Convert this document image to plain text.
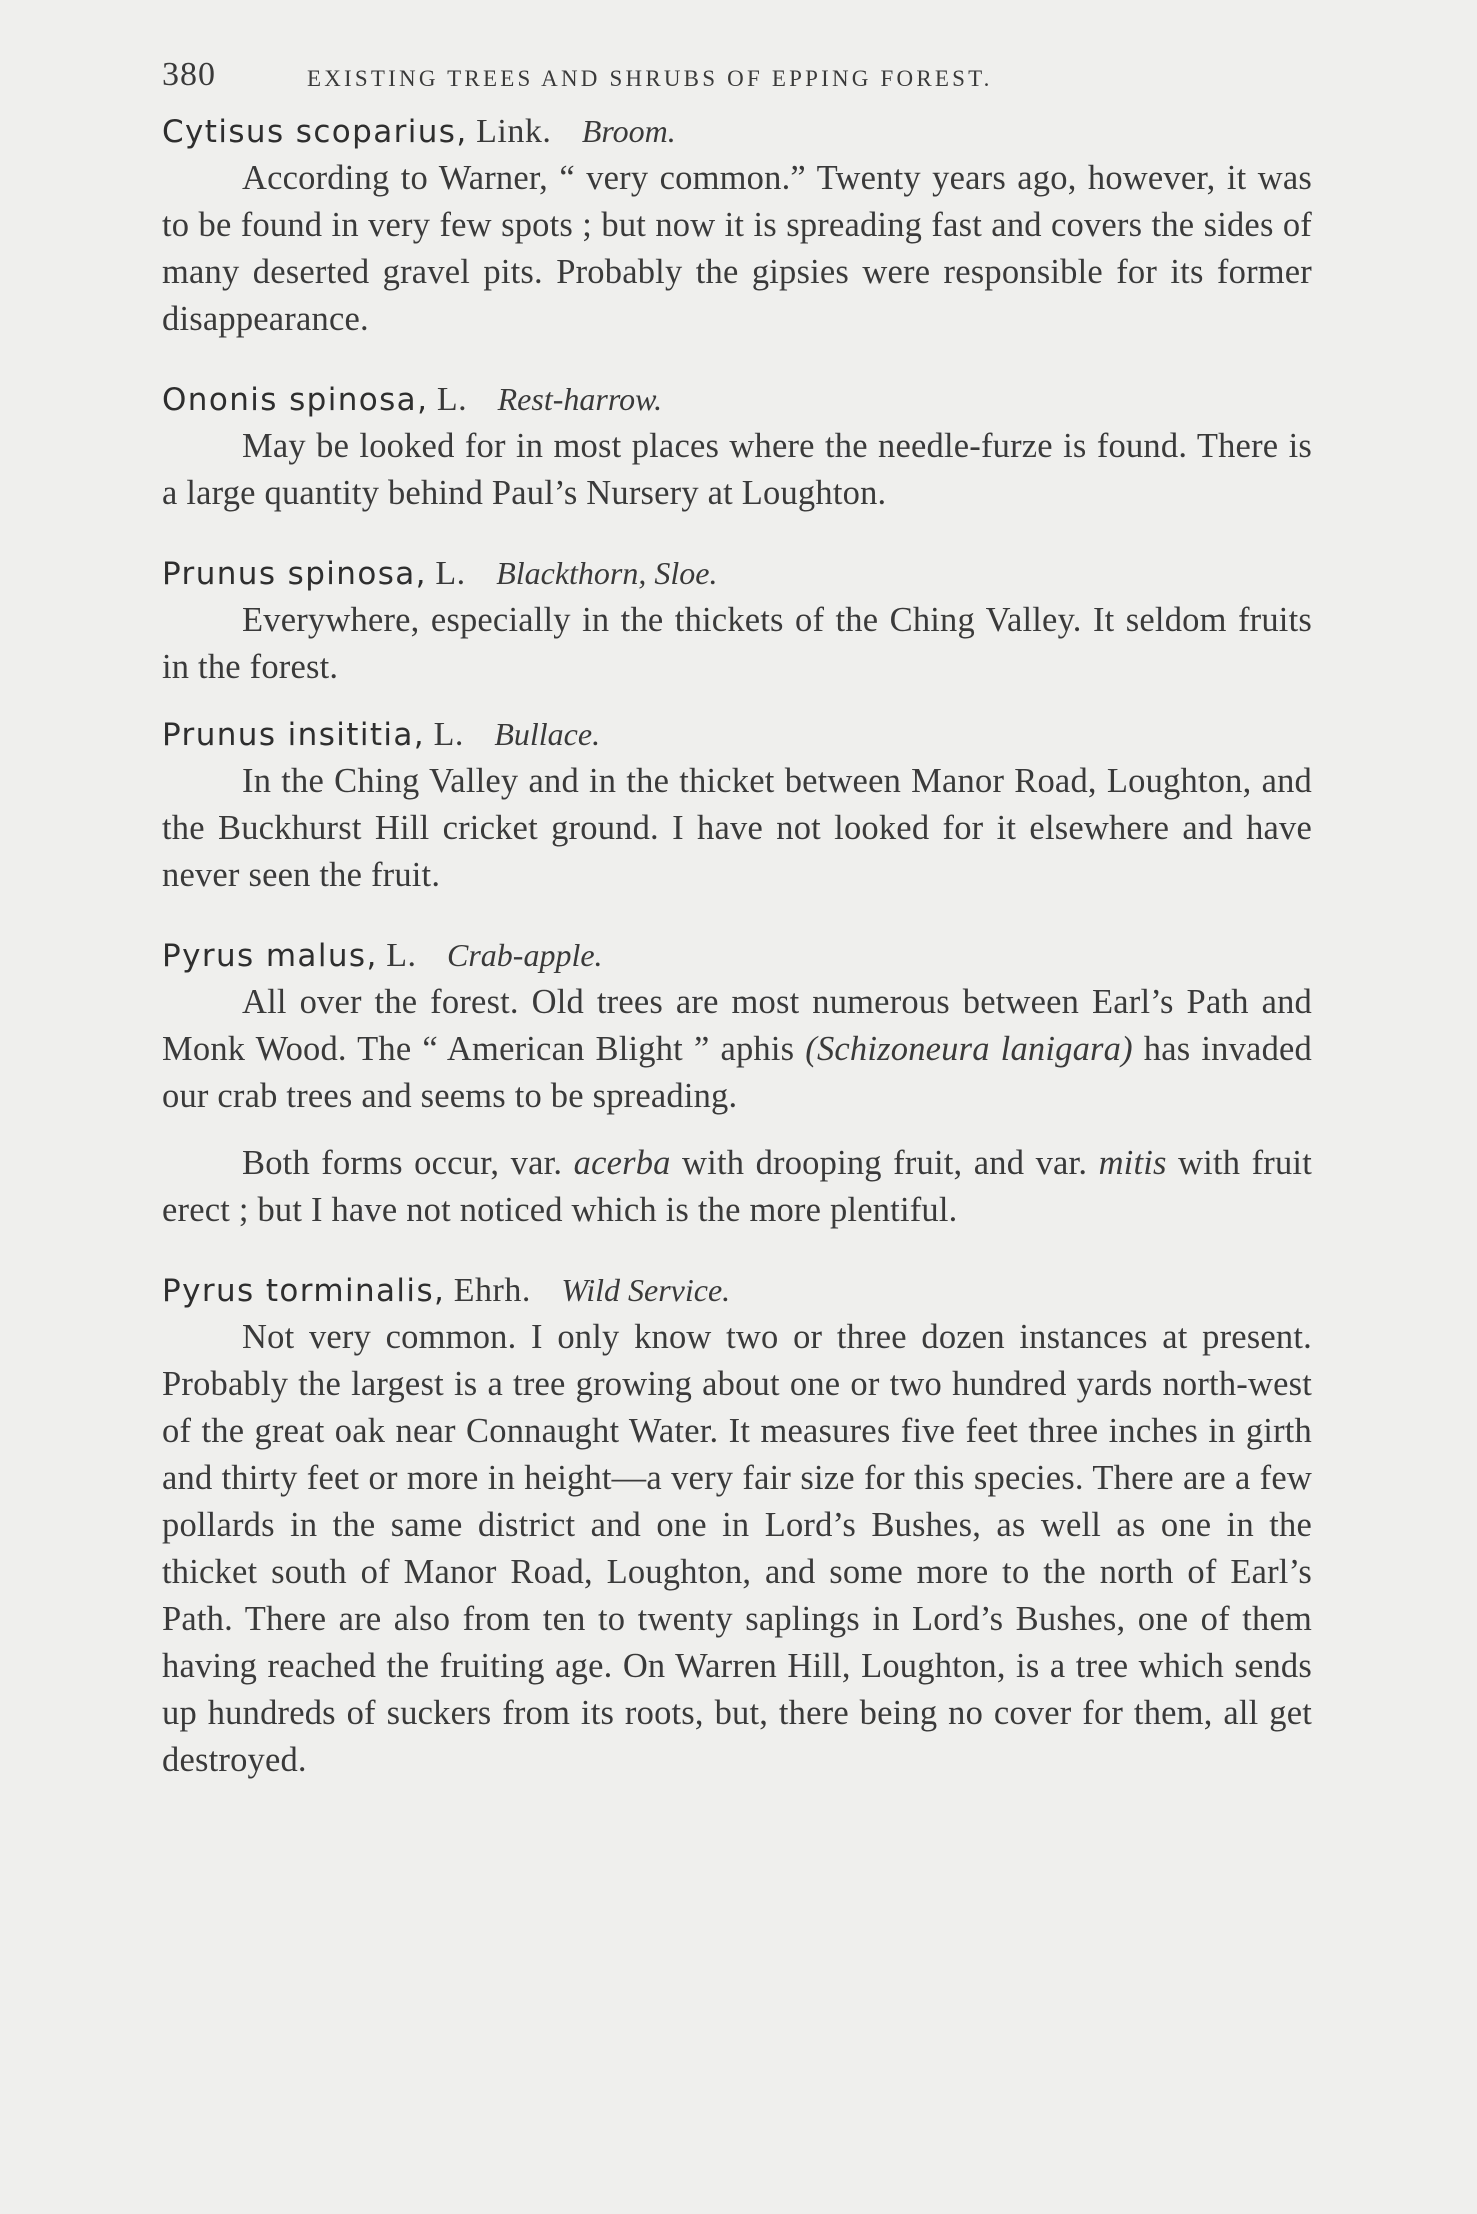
380	EXISTING TREES AND SHRUBS OF EPPING FOREST.

Cytisus scoparius, Link. Broom.

According to Warner, “ very common.” Twenty years ago, however, it was to be found in very few spots ; but now it is spreading fast and covers the sides of many deserted gravel pits. Probably the gipsies were responsible for its former disappearance.

Ononis spinosa, L. Rest-harrow.

May be looked for in most places where the needle-furze is found. There is a large quantity behind Paul’s Nursery at Loughton.

Prunus spinosa, L. Blackthorn, Sloe.

Everywhere, especially in the thickets of the Ching Valley. It seldom fruits in the forest.

Prunus insititia, L. Bullace.

In the Ching Valley and in the thicket between Manor Road, Loughton, and the Buckhurst Hill cricket ground. I have not looked for it elsewhere and have never seen the fruit.

Pyrus malus, L. Crab-apple.

All over the forest. Old trees are most numerous between Earl’s Path and Monk Wood. The “ American Blight ” aphis (Schizoneura lanigara) has invaded our crab trees and seems to be spreading.

Both forms occur, var. acerba with drooping fruit, and var. mitis with fruit erect ; but I have not noticed which is the more plentiful.

Pyrus torminalis, Ehrh. Wild Service.

Not very common. I only know two or three dozen instances at present. Probably the largest is a tree growing about one or two hundred yards north-west of the great oak near Connaught Water. It measures five feet three inches in girth and thirty feet or more in height—a very fair size for this species. There are a few pollards in the same district and one in Lord’s Bushes, as well as one in the thicket south of Manor Road, Loughton, and some more to the north of Earl’s Path. There are also from ten to twenty saplings in Lord’s Bushes, one of them having reached the fruiting age. On Warren Hill, Loughton, is a tree which sends up hundreds of suckers from its roots, but, there being no cover for them, all get destroyed.
